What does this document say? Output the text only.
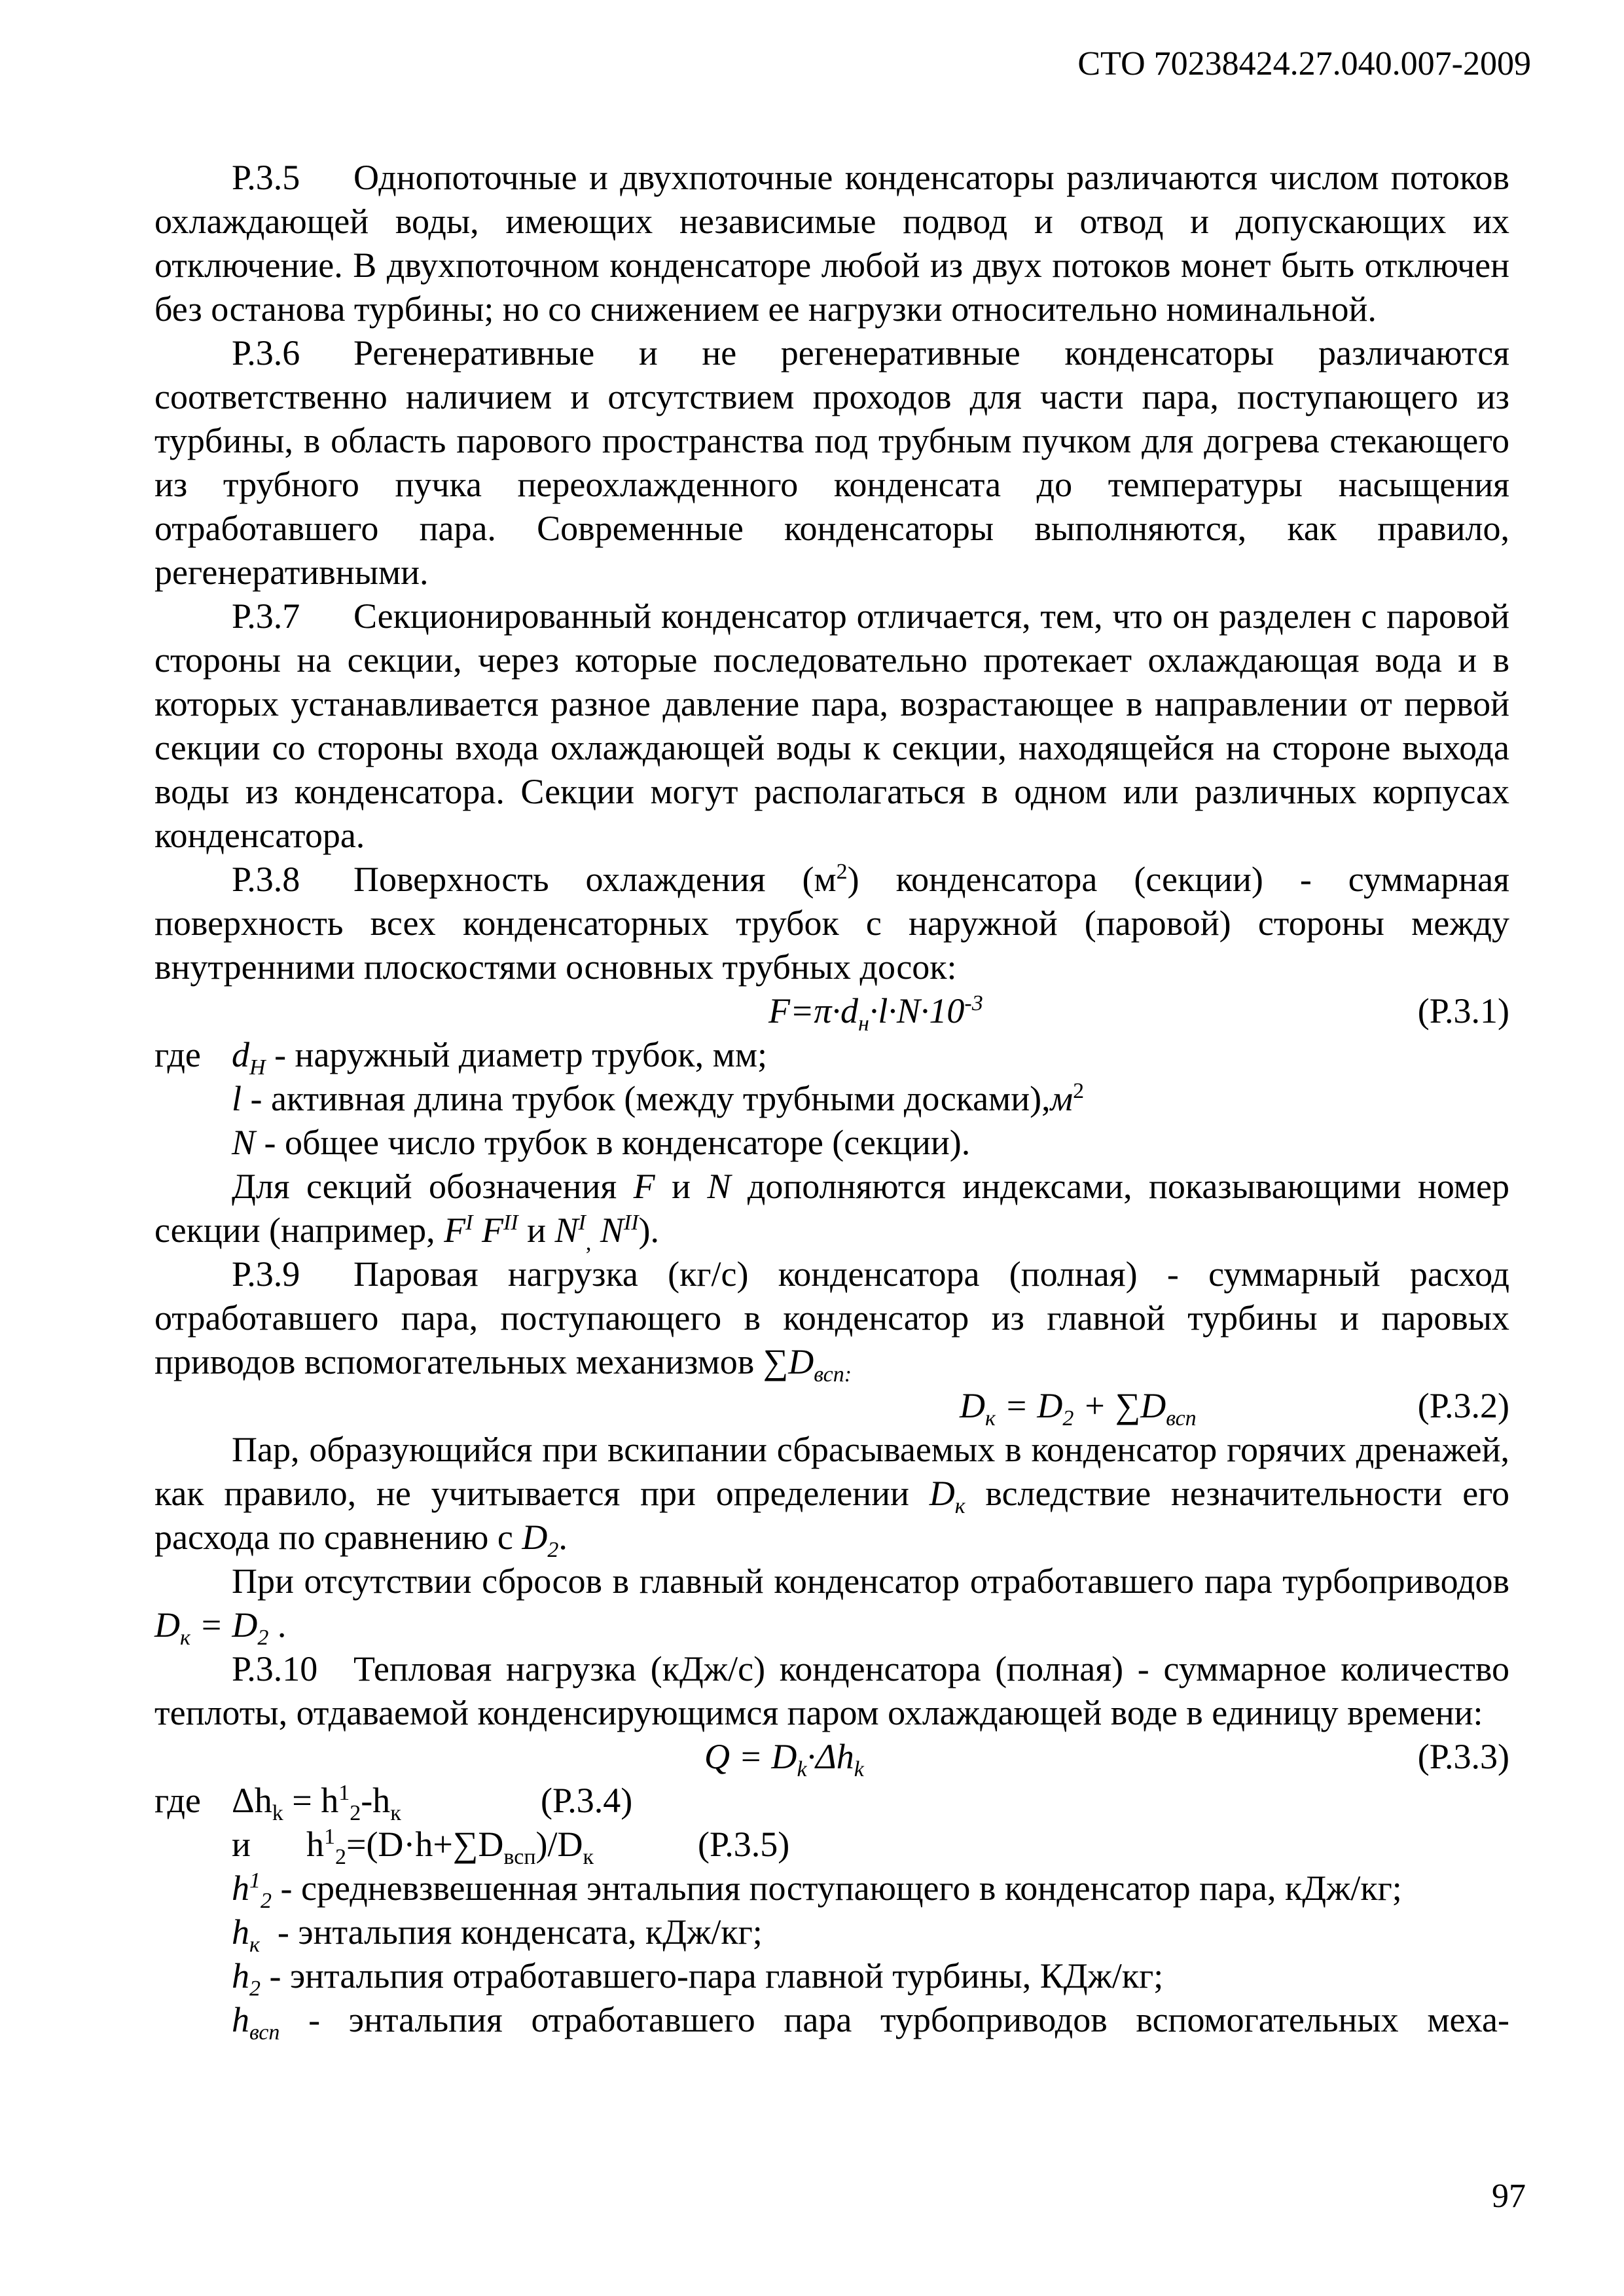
СТО 70238424.27.040.007-2009

Р.3.5 Однопоточные и двухпоточные конденсаторы различаются числом потоков охлаждающей воды, имеющих независимые подвод и отвод и допускающих их отключение. В двухпоточном конденсаторе любой из двух потоков монет быть отключен без останова турбины; но со снижением ее нагрузки относительно номинальной.

Р.3.6 Регенеративные и не регенеративные конденсаторы различаются соответственно наличием и отсутствием проходов для части пара, поступающего из турбины, в область парового пространства под трубным пучком для догрева стекающего из трубного пучка переохлажденного конденсата до температуры насыщения отработавшего пара. Современные конденсаторы выполняются, как правило, регенеративными.

Р.3.7 Секционированный конденсатор отличается, тем, что он разделен с паровой стороны на секции, через которые последовательно протекает охлаждающая вода и в которых устанавливается разное давление пара, возрастающее в направлении от первой секции со стороны входа охлаждающей воды к секции, находящейся на стороне выхода воды из конденсатора. Секции могут располагаться в одном или различных корпусах конденсатора.

Р.3.8 Поверхность охлаждения $(м^2)$ конденсатора (секции) - суммарная поверхность всех конденсаторных трубок с наружной (паровой) стороны между внутренними плоскостями основных трубных досок:

$F=\pi\cdot d_н\cdot l\cdot N\cdot 10^{-3}$	(Р.3.1)

где $d_H$ - наружный диаметр трубок, мм;

l - активная длина трубок (между трубными $досками),м^2$

N - общее число трубок в конденсаторе (секции).

Для секций обозначения F и N дополняются индексами, показывающими номер секции (например, $F^I$ $F^{II}$ и $N^I_,$ $N^{II}$).

Р.3.9 Паровая нагрузка (кг/с) конденсатора (полная) - суммарный расход отработавшего пара, поступающего в конденсатор из главной турбины и паровых приводов вспомогательных механизмов $\sum D_{всп:}$

$D_к = D_2 + \sum D_{всп}$	(Р.3.2)

Пар, образующийся при вскипании сбрасываемых в конденсатор горячих дренажей, как правило, не учитывается при определении $D_к$ вследствие незначительности его расхода по сравнению с $D_2$.

При отсутствии сбросов в главный конденсатор отработавшего пара турбоприводов $D_к = D_2$ .

Р.3.10 Тепловая нагрузка (кДж/с) конденсатора (полная) - суммарное количество теплоты, отдаваемой конденсирующимся паром охлаждающей воде в единицу времени:

$Q = D_k\cdot\Delta h_k$	(Р.3.3)
где $\Delta h_k = h^1_2-h_к$	(Р.3.4)
и $h^1_2=(D\cdot h+\sum D_{всп})/D_к$	(Р.3.5)

$h^1_2$ - средневзвешенная энтальпия поступающего в конденсатор пара, кДж/кг;

$h_к$  - энтальпия конденсата, кДж/кг;

$h_2$ - энтальпия отработавшего-пара главной турбины, КДж/кг;

$h_{всп}$ - энтальпия отработавшего пара турбоприводов вспомогательных меха-

97
